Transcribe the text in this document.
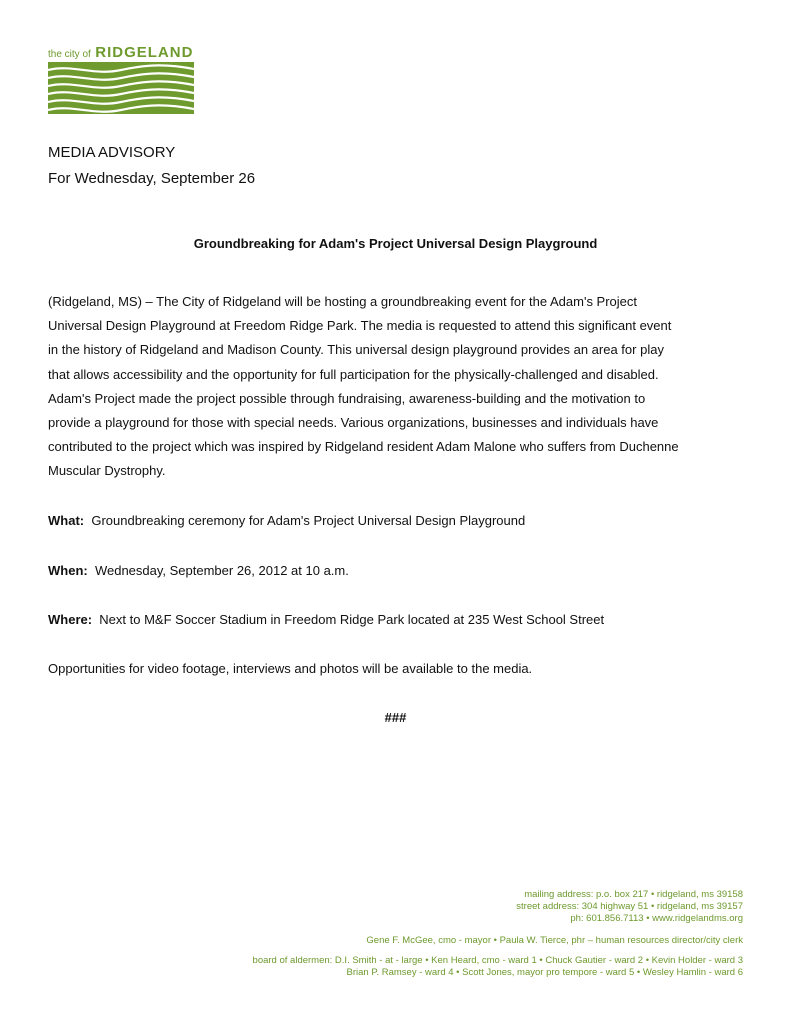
the city of RIDGELAND
MEDIA ADVISORY
For Wednesday, September 26
Groundbreaking for Adam's Project Universal Design Playground
(Ridgeland, MS) – The City of Ridgeland will be hosting a groundbreaking event for the Adam's Project
Universal Design Playground at Freedom Ridge Park. The media is requested to attend this significant event
in the history of Ridgeland and Madison County. This universal design playground provides an area for play
that allows accessibility and the opportunity for full participation for the physically-challenged and disabled.
Adam's Project made the project possible through fundraising, awareness-building and the motivation to
provide a playground for those with special needs. Various organizations, businesses and individuals have
contributed to the project which was inspired by Ridgeland resident Adam Malone who suffers from Duchenne
Muscular Dystrophy.
What: Groundbreaking ceremony for Adam's Project Universal Design Playground
When: Wednesday, September 26, 2012 at 10 a.m.
Where: Next to M&F Soccer Stadium in Freedom Ridge Park located at 235 West School Street
Opportunities for video footage, interviews and photos will be available to the media.
###
mailing address: p.o. box 217 • ridgeland, ms 39158
street address: 304 highway 51 • ridgeland, ms 39157
ph: 601.856.7113 • www.ridgelandms.org
Gene F. McGee, cmo - mayor • Paula W. Tierce, phr – human resources director/city clerk
board of aldermen: D.I. Smith - at - large • Ken Heard, cmo - ward 1 • Chuck Gautier - ward 2 • Kevin Holder - ward 3
Brian P. Ramsey - ward 4 • Scott Jones, mayor pro tempore - ward 5 • Wesley Hamlin - ward 6
